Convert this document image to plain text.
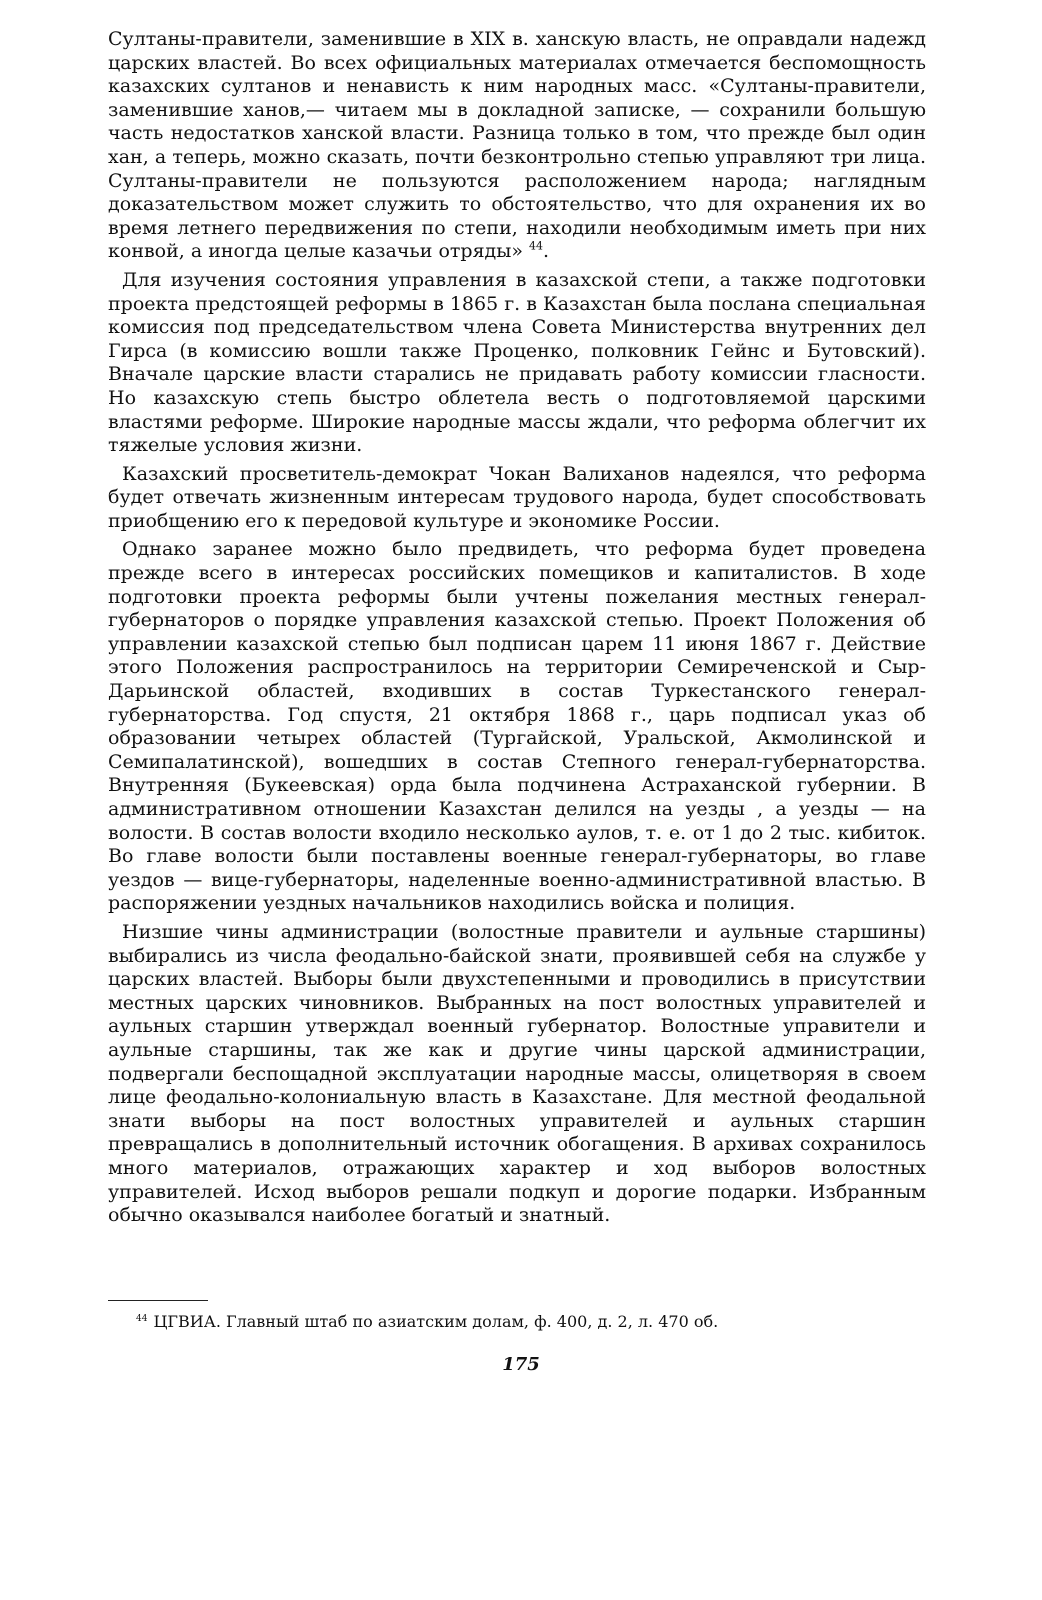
Султаны-правители, заменившие в XIX в. ханскую власть, не оправдали надежд царских властей. Во всех официальных материалах отмечается беспомощность казахских султанов и ненависть к ним народных масс. «Султаны-правители, заменившие ханов,— читаем мы в докладной записке, — сохранили большую часть недостатков ханской власти. Разница только в том, что прежде был один хан, а теперь, можно сказать, почти безконтрольно степью управляют три лица. Султаны-правители не пользуются расположением народа; наглядным доказательством может служить то обстоятельство, что для охранения их во время летнего передвижения по степи, находили необходимым иметь при них конвой, а иногда целые казачьи отряды» $^{44}$.

Для изучения состояния управления в казахской степи, а также подготовки проекта предстоящей реформы в 1865 г. в Казахстан была послана специальная комиссия под председательством члена Совета Министерства внутренних дел Гирса (в комиссию вошли также Проценко, полковник Гейнс и Бутовский). Вначале царские власти старались не придавать работу комиссии гласности. Но казахскую степь быстро облетела весть о подготовляемой царскими властями реформе. Широкие народные массы ждали, что реформа облегчит их тяжелые условия жизни.

Казахский просветитель-демократ Чокан Валиханов надеялся, что реформа будет отвечать жизненным интересам трудового народа, будет способствовать приобщению его к передовой культуре и экономике России.

Однако заранее можно было предвидеть, что реформа будет проведена прежде всего в интересах российских помещиков и капиталистов. В ходе подготовки проекта реформы были учтены пожелания местных генерал-губернаторов о порядке управления казахской степью. Проект Положения об управлении казахской степью был подписан царем 11 июня 1867 г. Действие этого Положения распространилось на территории Семиреченской и Сыр-Дарьинской областей, входивших в состав Туркестанского генерал-губернаторства. Год спустя, 21 октября 1868 г., царь подписал указ об образовании четырех областей (Тургайской, Уральской, Акмолинской и Семипалатинской), вошедших в состав Степного генерал-губернаторства. Внутренняя (Букеевская) орда была подчинена Астраханской губернии. В административном отношении Казахстан делился на уезды , а уезды — на волости. В состав волости входило несколько аулов, т. е. от 1 до 2 тыс. кибиток. Во главе волости были поставлены военные генерал-губернаторы, во главе уездов — вице-губернаторы, наделенные военно-административной властью. В распоряжении уездных начальников находились войска и полиция.

Низшие чины администрации (волостные правители и аульные старшины) выбирались из числа феодально-байской знати, проявившей себя на службе у царских властей. Выборы были двухстепенными и проводились в присутствии местных царских чиновников. Выбранных на пост волостных управителей и аульных старшин утверждал военный губернатор. Волостные управители и аульные старшины, так же как и другие чины царской администрации, подвергали беспощадной эксплуатации народные массы, олицетворяя в своем лице феодально-колониальную власть в Казахстане. Для местной феодальной знати выборы на пост волостных управителей и аульных старшин превращались в дополнительный источник обогащения. В архивах сохранилось много материалов, отражающих характер и ход выборов волостных управителей. Исход выборов решали подкуп и дорогие подарки. Избранным обычно оказывался наиболее богатый и знатный.

$^{44}$ ЦГВИА. Главный штаб по азиатским долам, ф. 400, д. 2, л. 470 об.
175
